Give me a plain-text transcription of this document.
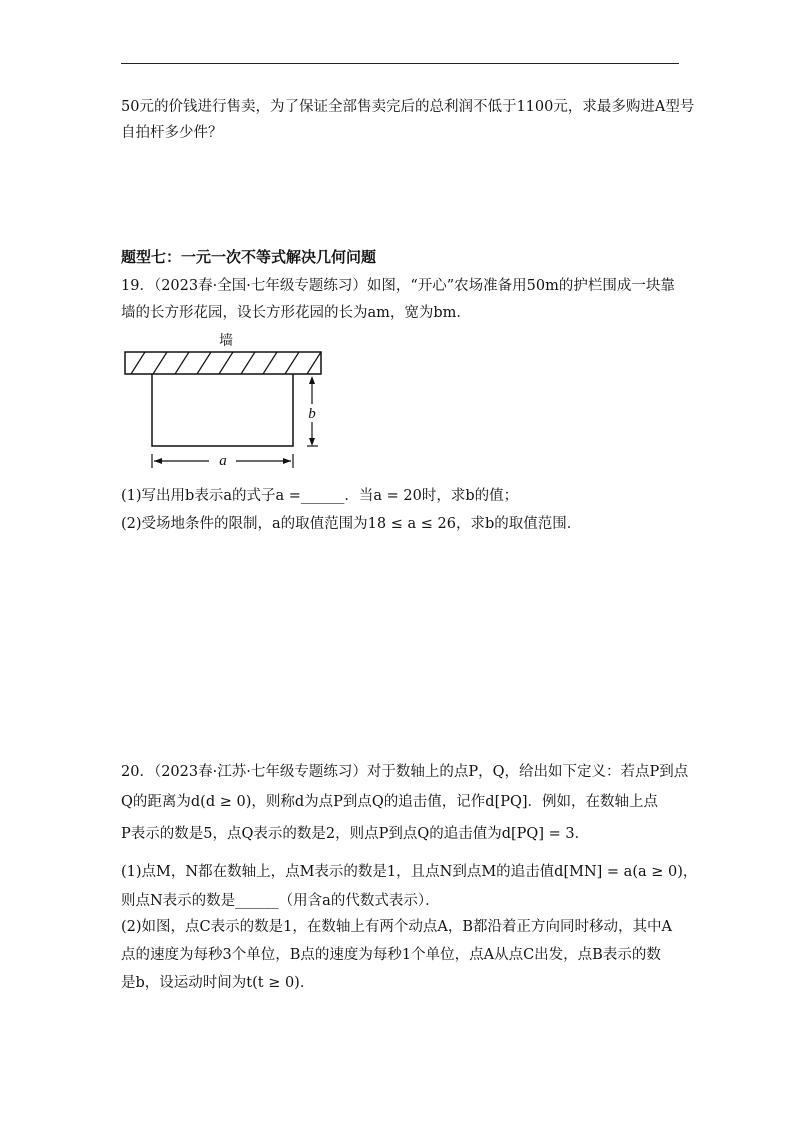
50元的价钱进行售卖，为了保证全部售卖完后的总利润不低于1100元，求最多购进A型号
自拍杆多少件？
题型七：一元一次不等式解决几何问题
19．（2023春·全国·七年级专题练习）如图，“开心”农场准备用50m的护栏围成一块靠
墙的长方形花园，设长方形花园的长为am，宽为bm．
墙
b
a
(1)写出用b表示a的式子a =______．当a = 20时，求b的值；
(2)受场地条件的限制，a的取值范围为18 ≤ a ≤ 26，求b的取值范围．
20．（2023春·江苏·七年级专题练习）对于数轴上的点P，Q，给出如下定义：若点P到点
Q的距离为d(d ≥ 0)，则称d为点P到点Q的追击值，记作d[PQ]．例如，在数轴上点
P表示的数是5，点Q表示的数是2，则点P到点Q的追击值为d[PQ] = 3．
(1)点M，N都在数轴上，点M表示的数是1，且点N到点M的追击值d[MN] = a(a ≥ 0)，
则点N表示的数是______（用含a的代数式表示）．
(2)如图，点C表示的数是1，在数轴上有两个动点A，B都沿着正方向同时移动，其中A
点的速度为每秒3个单位，B点的速度为每秒1个单位，点A从点C出发，点B表示的数
是b，设运动时间为t(t ≥ 0)．
